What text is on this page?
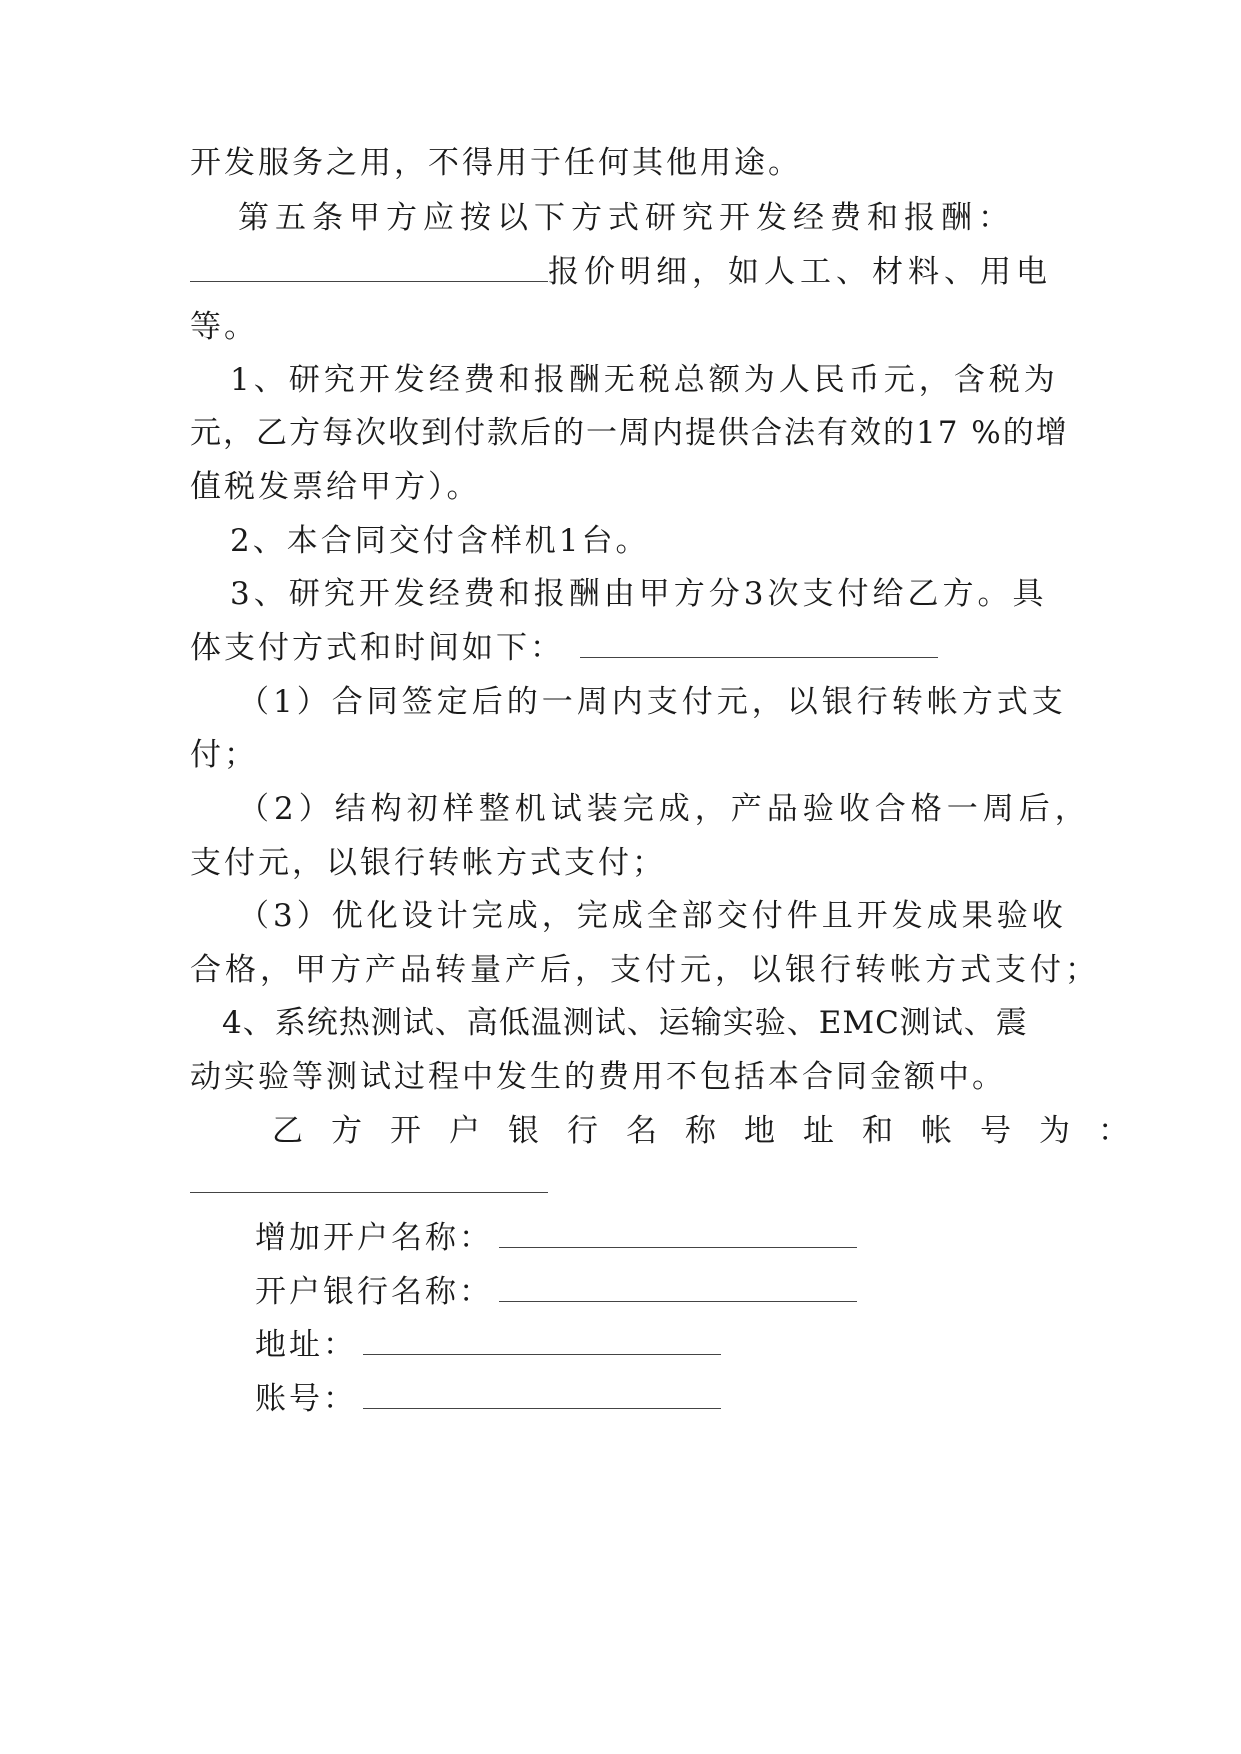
开发服务之用，不得用于任何其他用途。
第五条甲方应按以下方式研究开发经费和报酬：
报价明细，如人工、材料、用电
等。
1、研究开发经费和报酬无税总额为人民币元，含税为
元，乙方每次收到付款后的一周内提供合法有效的17 %的增
值税发票给甲方）。
2、本合同交付含样机1台。
3、研究开发经费和报酬由甲方分3次支付给乙方。具
体支付方式和时间如下：
（1）合同签定后的一周内支付元，以银行转帐方式支
付；
（2）结构初样整机试装完成，产品验收合格一周后，
支付元，以银行转帐方式支付；
（3）优化设计完成，完成全部交付件且开发成果验收
合格，甲方产品转量产后，支付元，以银行转帐方式支付；
4、系统热测试、高低温测试、运输实验、EMC测试、震
动实验等测试过程中发生的费用不包括本合同金额中。
乙方开户银行名称地址和帐号为：
增加开户名称：
开户银行名称：
地址：
账号：
